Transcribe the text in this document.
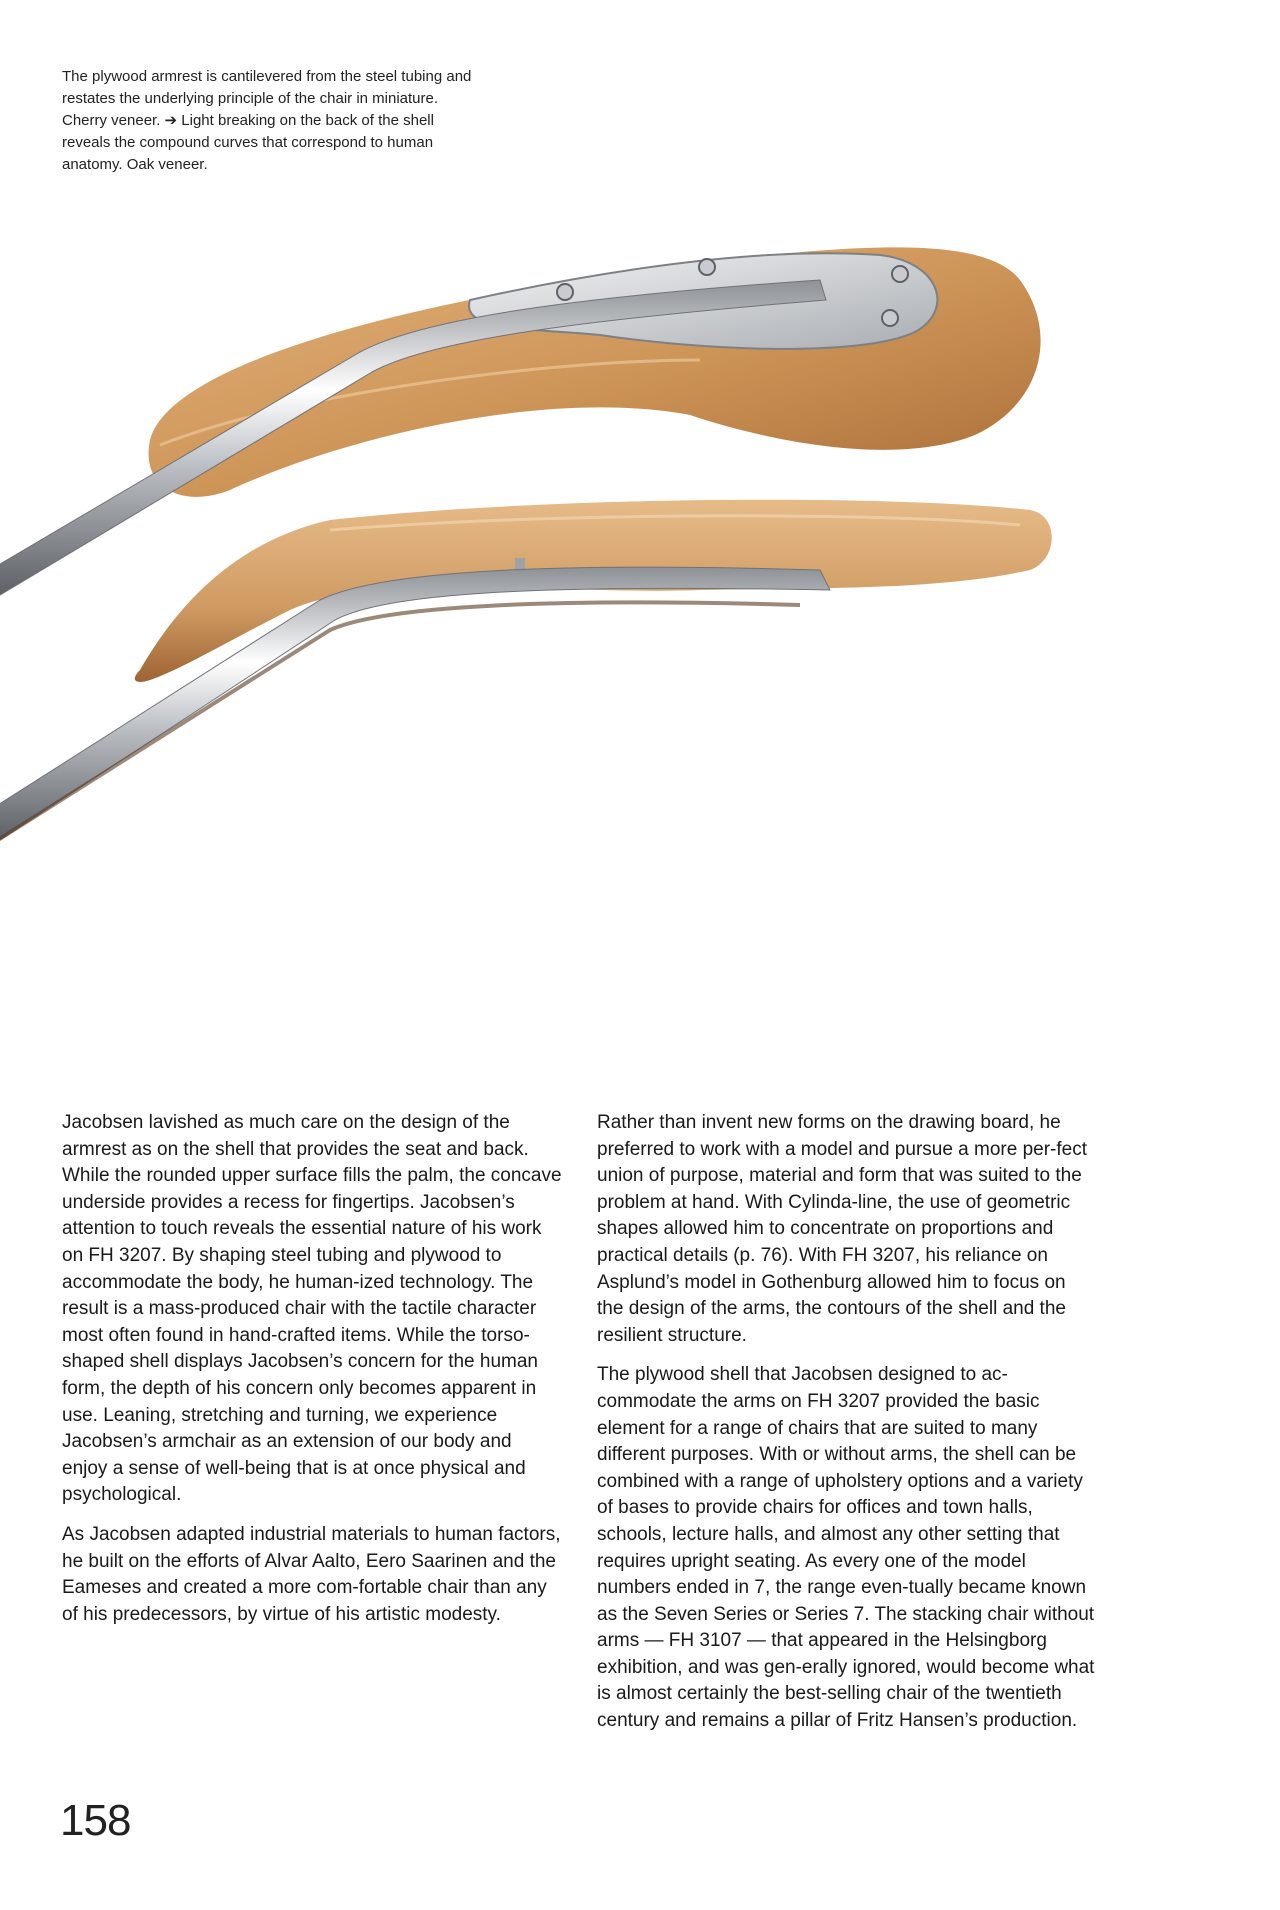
The plywood armrest is cantilevered from the steel tubing and restates the underlying principle of the chair in miniature. Cherry veneer. ➔ Light breaking on the back of the shell reveals the compound curves that correspond to human anatomy. Oak veneer.

Jacobsen lavished as much care on the design of the armrest as on the shell that provides the seat and back. While the rounded upper surface fills the palm, the concave underside provides a recess for fingertips. Jacobsen’s attention to touch reveals the essential nature of his work on FH 3207. By shaping steel tubing and plywood to accommodate the body, he human-ized technology. The result is a mass-produced chair with the tactile character most often found in hand-crafted items. While the torso-shaped shell displays Jacobsen’s concern for the human form, the depth of his concern only becomes apparent in use. Leaning, stretching and turning, we experience Jacobsen’s armchair as an extension of our body and enjoy a sense of well-being that is at once physical and psychological.

As Jacobsen adapted industrial materials to human factors, he built on the efforts of Alvar Aalto, Eero Saarinen and the Eameses and created a more com-fortable chair than any of his predecessors, by virtue of his artistic modesty.

Rather than invent new forms on the drawing board, he preferred to work with a model and pursue a more per-fect union of purpose, material and form that was suited to the problem at hand. With Cylinda-line, the use of geometric shapes allowed him to concentrate on proportions and practical details (p. 76). With FH 3207, his reliance on Asplund’s model in Gothenburg allowed him to focus on the design of the arms, the contours of the shell and the resilient structure.

The plywood shell that Jacobsen designed to ac-commodate the arms on FH 3207 provided the basic element for a range of chairs that are suited to many different purposes. With or without arms, the shell can be combined with a range of upholstery options and a variety of bases to provide chairs for offices and town halls, schools, lecture halls, and almost any other setting that requires upright seating. As every one of the model numbers ended in 7, the range even-tually became known as the Seven Series or Series 7. The stacking chair without arms — FH 3107 — that appeared in the Helsingborg exhibition, and was gen-erally ignored, would become what is almost certainly the best-selling chair of the twentieth century and remains a pillar of Fritz Hansen’s production.

158
